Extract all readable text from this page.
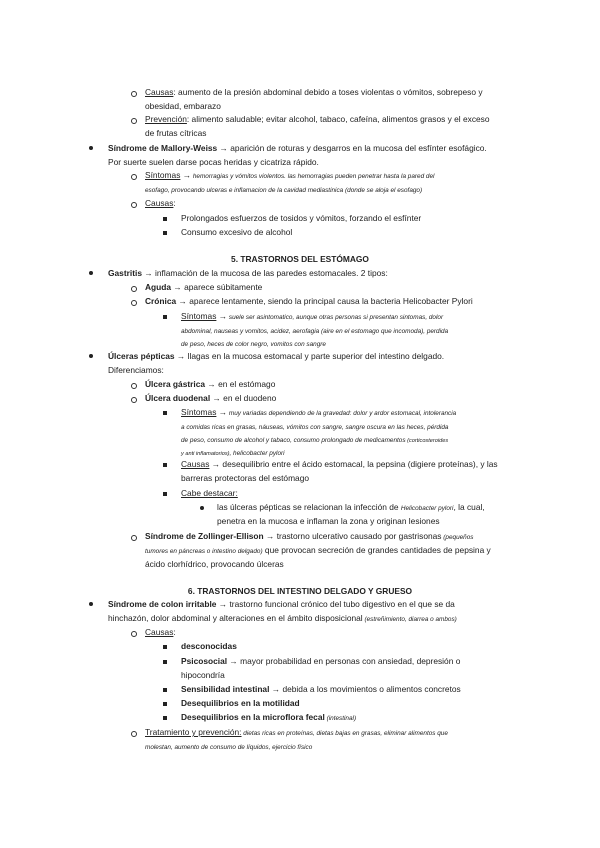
Causas: aumento de la presión abdominal debido a toses violentas o vómitos, sobrepeso y
obesidad, embarazo
Prevención: alimento saludable; evitar alcohol, tabaco, cafeína, alimentos grasos y el exceso
de frutas cítricas
Síndrome de Mallory-Weiss → aparición de roturas y desgarros en la mucosa del esfínter esofágico.
Por suerte suelen darse pocas heridas y cicatriza rápido.
Síntomas → hemorragias y vómitos violentos. las hemorragias pueden penetrar hasta la pared del
esofago, provocando ulceras e inflamacion de la cavidad mediastinica (donde se aloja el esofago)
Causas:
Prolongados esfuerzos de tosidos y vómitos, forzando el esfínter
Consumo excesivo de alcohol
5. TRASTORNOS DEL ESTÓMAGO
Gastritis → inflamación de la mucosa de las paredes estomacales. 2 tipos:
Aguda → aparece súbitamente
Crónica → aparece lentamente, siendo la principal causa la bacteria Helicobacter Pylori
Síntomas → suele ser asintomatico, aunque otras personas si presentan sintomas, dolor
abdominal, nauseas y vomitos, acidez, aerofagia (aire en el estomago que incomoda), perdida
de peso, heces de color negro, vomitos con sangre
Úlceras pépticas → llagas en la mucosa estomacal y parte superior del intestino delgado.
Diferenciamos:
Úlcera gástrica → en el estómago
Úlcera duodenal → en el duodeno
Síntomas → muy variadas dependiendo de la gravedad: dolor y ardor estomacal, intolerancia
a comidas ricas en grasas, náuseas, vómitos con sangre, sangre oscura en las heces, pérdida
de peso, consumo de alcohol y tabaco, consumo prolongado de medicamentos (corticosteroides
y anti inflamatorios), helicobacter pylori
Causas → desequilibrio entre el ácido estomacal, la pepsina (digiere proteínas), y las
barreras protectoras del estómago
Cabe destacar:
las úlceras pépticas se relacionan la infección de Helicobacter pylori, la cual,
penetra en la mucosa e inflaman la zona y originan lesiones
Síndrome de Zollinger-Ellison → trastorno ulcerativo causado por gastrisonas (pequeños
tumores en páncreas o intestino delgado) que provocan secreción de grandes cantidades de pepsina y
ácido clorhídrico, provocando úlceras
6. TRASTORNOS DEL INTESTINO DELGADO Y GRUESO
Síndrome de colon irritable → trastorno funcional crónico del tubo digestivo en el que se da
hinchazón, dolor abdominal y alteraciones en el ámbito disposicional (estreñimiento, diarrea o ambos)
Causas:
desconocidas
Psicosocial → mayor probabilidad en personas con ansiedad, depresión o
hipocondría
Sensibilidad intestinal → debida a los movimientos o alimentos concretos
Desequilibrios en la motilidad
Desequilibrios en la microflora fecal (intestinal)
Tratamiento y prevención: dietas ricas en proteínas, dietas bajas en grasas, eliminar alimentos que
molestan, aumento de consumo de líquidos, ejercicio físico
